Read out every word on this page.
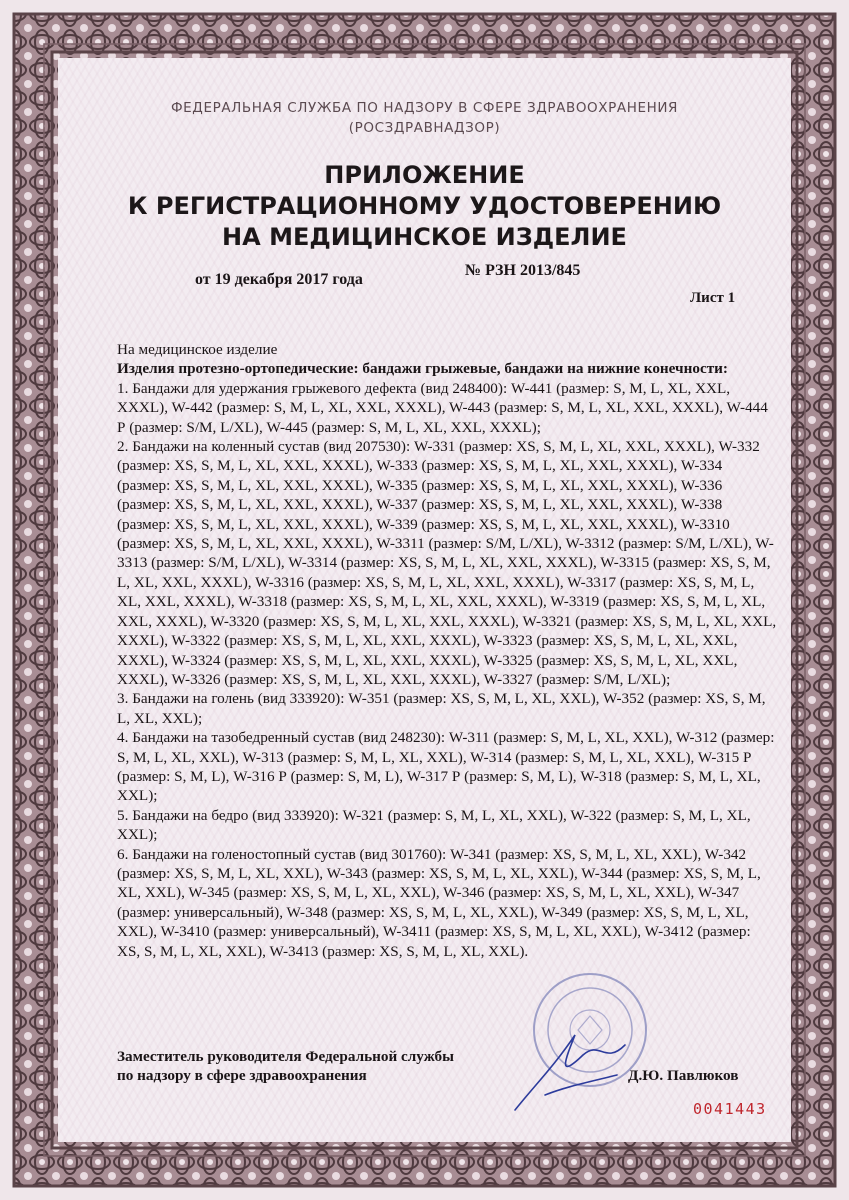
ФЕДЕРАЛЬНАЯ СЛУЖБА ПО НАДЗОРУ В СФЕРЕ ЗДРАВООХРАНЕНИЯ
(РОСЗДРАВНАДЗОР)
ПРИЛОЖЕНИЕ
К РЕГИСТРАЦИОННОМУ УДОСТОВЕРЕНИЮ
НА МЕДИЦИНСКОЕ ИЗДЕЛИЕ
от 19 декабря 2017 года
№ РЗН 2013/845
Лист 1

На медицинское изделие

Изделия протезно-ортопедические: бандажи грыжевые, бандажи на нижние конечности:

1. Бандажи для удержания грыжевого дефекта (вид 248400): W-441 (размер: S, M, L, XL, XXL, XXXL), W-442 (размер: S, M, L, XL, XXL, XXXL), W-443 (размер: S, M, L, XL, XXL, XXXL), W-444 Р (размер: S/M, L/XL), W-445 (размер: S, M, L, XL, XXL, XXXL);

2. Бандажи на коленный сустав (вид 207530): W-331 (размер: XS, S, M, L, XL, XXL, XXXL), W-332 (размер: XS, S, M, L, XL, XXL, XXXL), W-333 (размер: XS, S, M, L, XL, XXL, XXXL), W-334 (размер: XS, S, M, L, XL, XXL, XXXL), W-335 (размер: XS, S, M, L, XL, XXL, XXXL), W-336 (размер: XS, S, M, L, XL, XXL, XXXL), W-337 (размер: XS, S, M, L, XL, XXL, XXXL), W-338 (размер: XS, S, M, L, XL, XXL, XXXL), W-339 (размер: XS, S, M, L, XL, XXL, XXXL), W-3310 (размер: XS, S, M, L, XL, XXL, XXXL), W-3311 (размер: S/M, L/XL), W-3312 (размер: S/M, L/XL), W-3313 (размер: S/M, L/XL), W-3314 (размер: XS, S, M, L, XL, XXL, XXXL), W-3315 (размер: XS, S, M, L, XL, XXL, XXXL), W-3316 (размер: XS, S, M, L, XL, XXL, XXXL), W-3317 (размер: XS, S, M, L, XL, XXL, XXXL), W-3318 (размер: XS, S, M, L, XL, XXL, XXXL), W-3319 (размер: XS, S, M, L, XL, XXL, XXXL), W-3320 (размер: XS, S, M, L, XL, XXL, XXXL), W-3321 (размер: XS, S, M, L, XL, XXL, XXXL), W-3322 (размер: XS, S, M, L, XL, XXL, XXXL), W-3323 (размер: XS, S, M, L, XL, XXL, XXXL), W-3324 (размер: XS, S, M, L, XL, XXL, XXXL), W-3325 (размер: XS, S, M, L, XL, XXL, XXXL), W-3326 (размер: XS, S, M, L, XL, XXL, XXXL), W-3327 (размер: S/M, L/XL);

3. Бандажи на голень (вид 333920): W-351 (размер: XS, S, M, L, XL, XXL), W-352 (размер: XS, S, M, L, XL, XXL);

4. Бандажи на тазобедренный сустав (вид 248230): W-311 (размер: S, M, L, XL, XXL), W-312 (размер: S, M, L, XL, XXL), W-313 (размер: S, M, L, XL, XXL), W-314 (размер: S, M, L, XL, XXL), W-315 Р (размер: S, M, L), W-316 Р (размер: S, M, L), W-317 Р (размер: S, M, L), W-318 (размер: S, M, L, XL, XXL);

5. Бандажи на бедро (вид 333920): W-321 (размер: S, M, L, XL, XXL), W-322 (размер: S, M, L, XL, XXL);

6. Бандажи на голеностопный сустав (вид 301760): W-341 (размер: XS, S, M, L, XL, XXL), W-342 (размер: XS, S, M, L, XL, XXL), W-343 (размер: XS, S, M, L, XL, XXL), W-344 (размер: XS, S, M, L, XL, XXL), W-345 (размер: XS, S, M, L, XL, XXL), W-346 (размер: XS, S, M, L, XL, XXL), W-347 (размер: универсальный), W-348 (размер: XS, S, M, L, XL, XXL), W-349 (размер: XS, S, M, L, XL, XXL), W-3410 (размер: универсальный), W-3411 (размер: XS, S, M, L, XL, XXL), W-3412 (размер: XS, S, M, L, XL, XXL), W-3413 (размер: XS, S, M, L, XL, XXL).

Заместитель руководителя Федеральной службы
по надзору в сфере здравоохранения	Д.Ю. Павлюков
0041443
